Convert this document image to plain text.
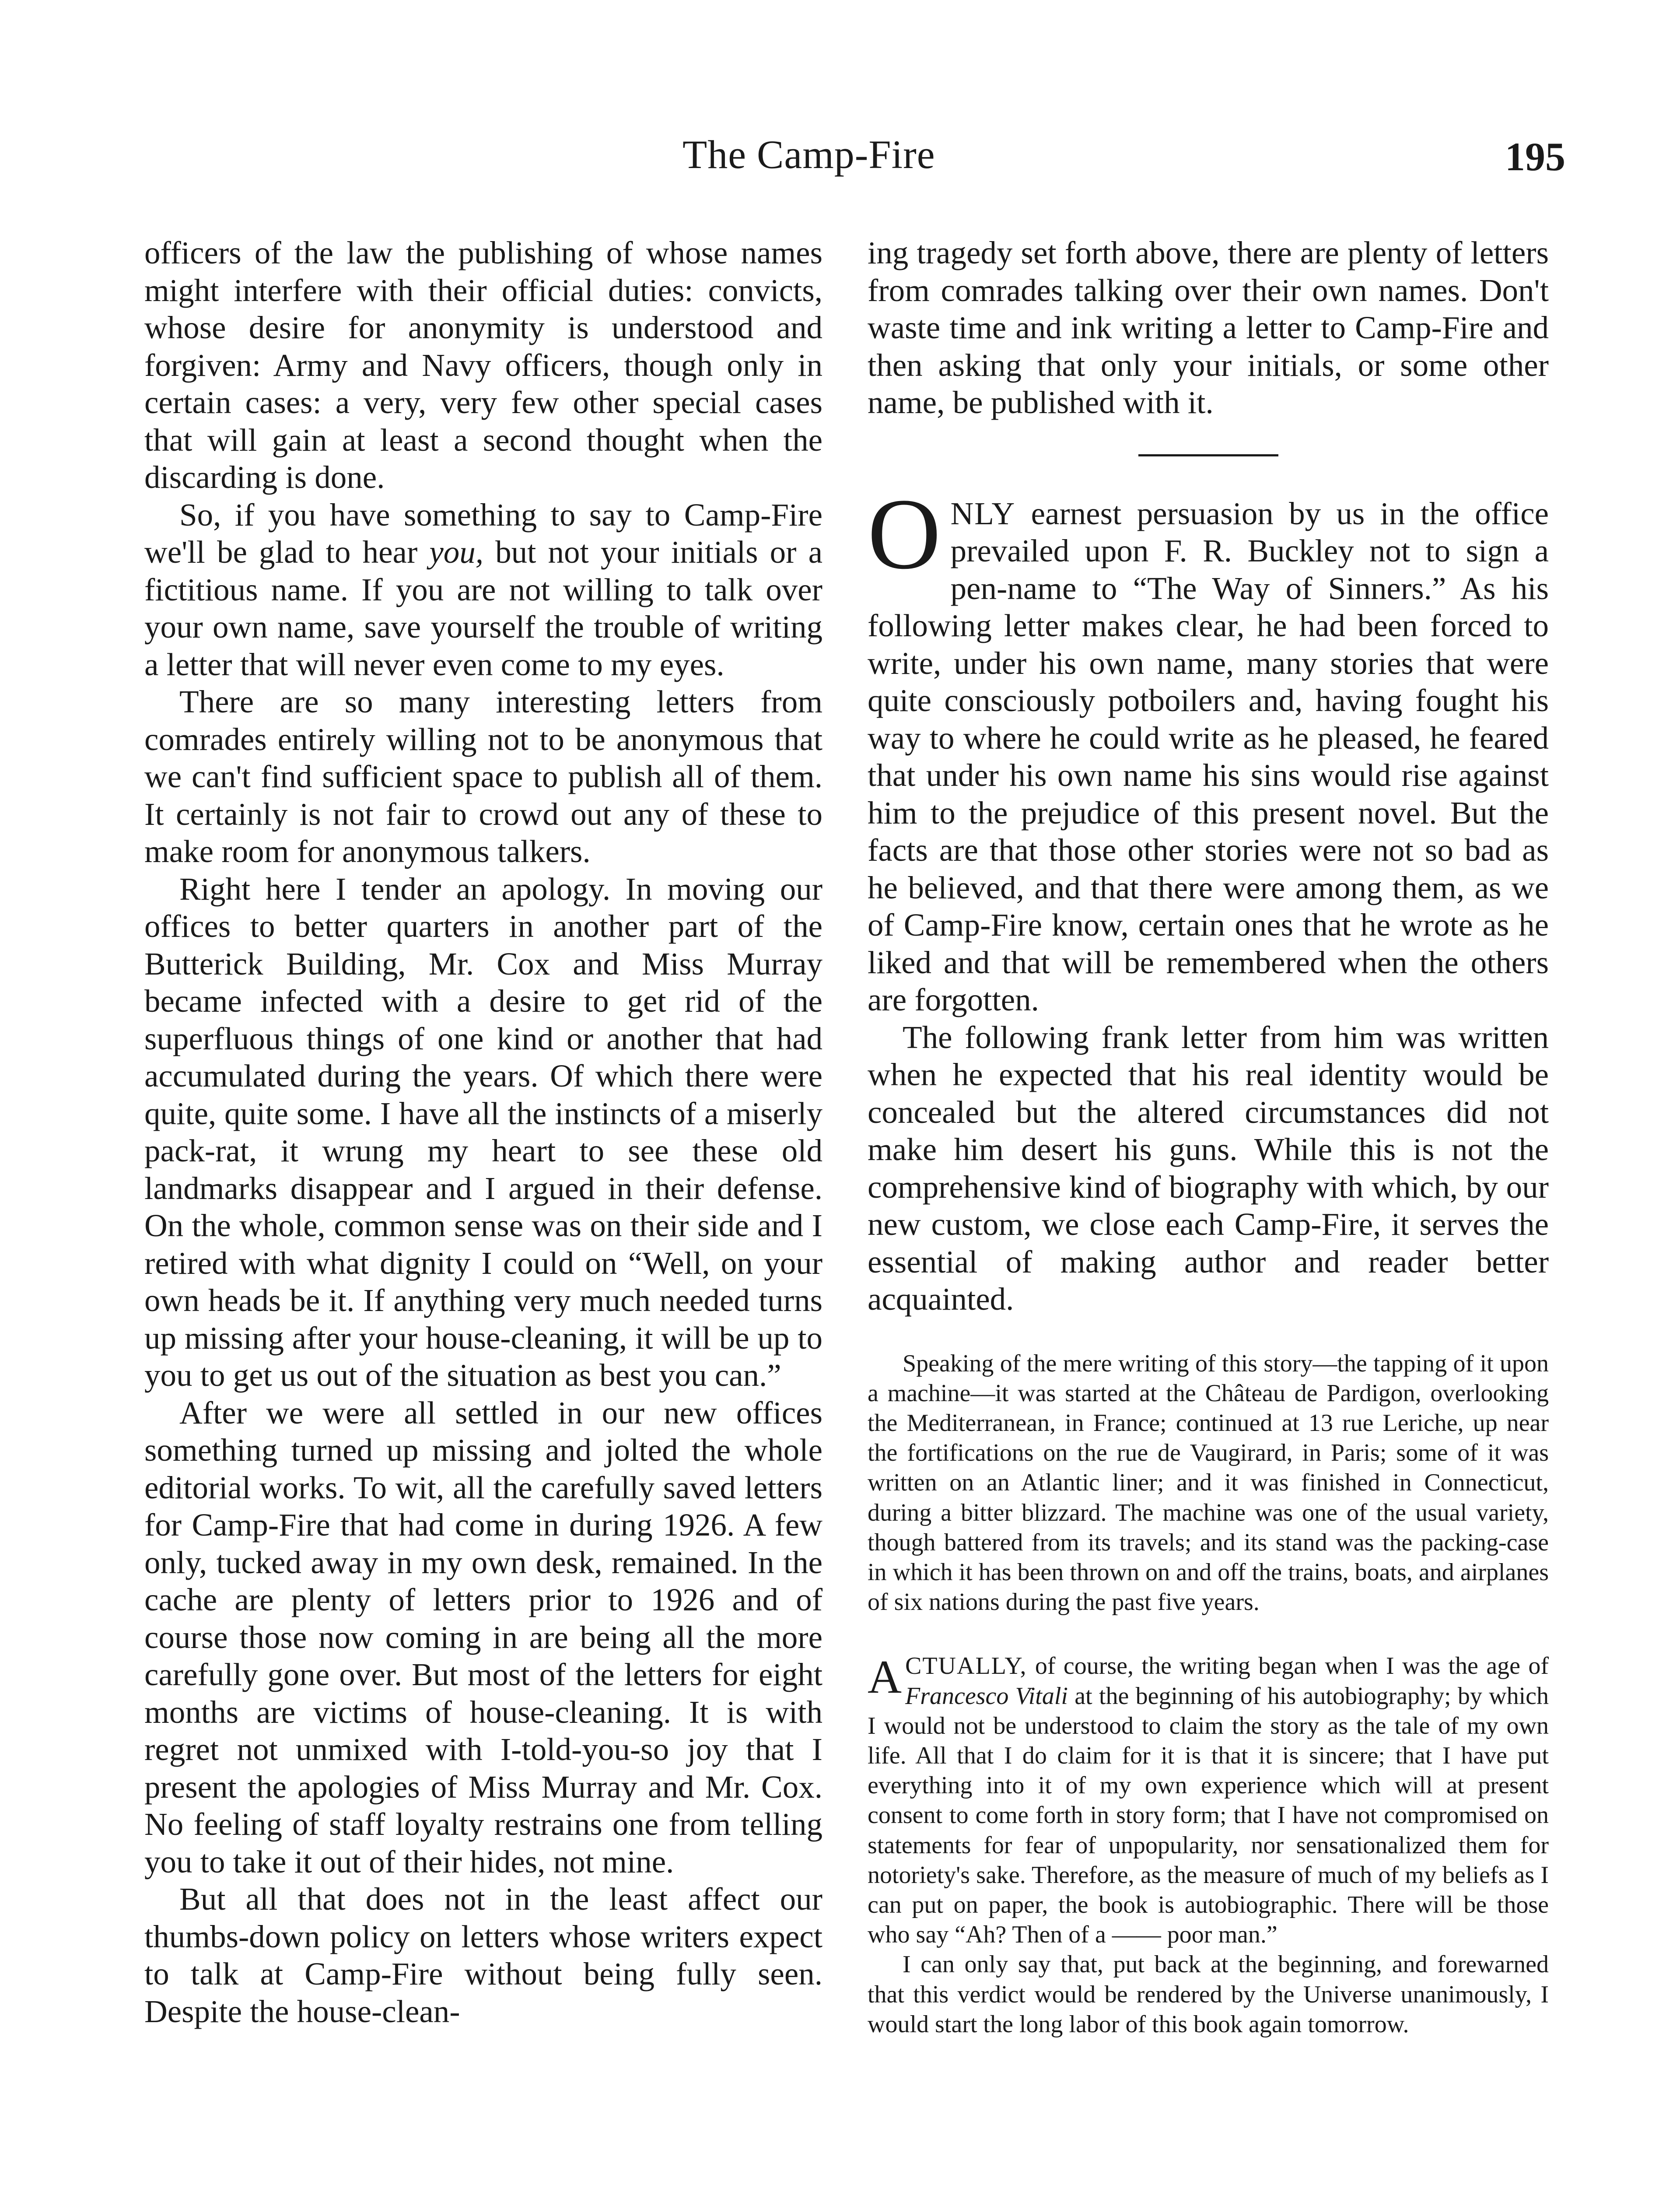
The Camp-Fire	195

officers of the law the publishing of whose names might interfere with their official duties: convicts, whose desire for anonymity is understood and forgiven: Army and Navy officers, though only in certain cases: a very, very few other special cases that will gain at least a second thought when the discarding is done.

So, if you have something to say to Camp-Fire we'll be glad to hear you, but not your initials or a fictitious name. If you are not willing to talk over your own name, save yourself the trouble of writing a letter that will never even come to my eyes.

There are so many interesting letters from comrades entirely willing not to be anonymous that we can't find sufficient space to publish all of them. It certainly is not fair to crowd out any of these to make room for anonymous talkers.

Right here I tender an apology. In moving our offices to better quarters in another part of the Butterick Building, Mr. Cox and Miss Murray became infected with a desire to get rid of the superfluous things of one kind or another that had accumulated during the years. Of which there were quite, quite some. I have all the instincts of a miserly pack-rat, it wrung my heart to see these old landmarks disappear and I argued in their defense. On the whole, common sense was on their side and I retired with what dignity I could on “Well, on your own heads be it. If anything very much needed turns up missing after your house-cleaning, it will be up to you to get us out of the situation as best you can.”

After we were all settled in our new offices something turned up missing and jolted the whole editorial works. To wit, all the carefully saved letters for Camp-Fire that had come in during 1926. A few only, tucked away in my own desk, remained. In the cache are plenty of letters prior to 1926 and of course those now coming in are being all the more carefully gone over. But most of the letters for eight months are victims of house-cleaning. It is with regret not unmixed with I-told-you-so joy that I present the apologies of Miss Murray and Mr. Cox. No feeling of staff loyalty restrains one from telling you to take it out of their hides, not mine.

But all that does not in the least affect our thumbs-down policy on letters whose writers expect to talk at Camp-Fire without being fully seen. Despite the house-clean-

ing tragedy set forth above, there are plenty of letters from comrades talking over their own names. Don't waste time and ink writing a letter to Camp-Fire and then asking that only your initials, or some other name, be published with it.

ONLY earnest persuasion by us in the office prevailed upon F. R. Buckley not to sign a pen-name to “The Way of Sinners.” As his following letter makes clear, he had been forced to write, under his own name, many stories that were quite consciously potboilers and, having fought his way to where he could write as he pleased, he feared that under his own name his sins would rise against him to the prejudice of this present novel. But the facts are that those other stories were not so bad as he believed, and that there were among them, as we of Camp-Fire know, certain ones that he wrote as he liked and that will be remembered when the others are forgotten.

The following frank letter from him was written when he expected that his real identity would be concealed but the altered circumstances did not make him desert his guns. While this is not the comprehensive kind of biography with which, by our new custom, we close each Camp-Fire, it serves the essential of making author and reader better acquainted.

Speaking of the mere writing of this story—the tapping of it upon a machine—it was started at the Château de Pardigon, overlooking the Mediterranean, in France; continued at 13 rue Leriche, up near the fortifications on the rue de Vaugirard, in Paris; some of it was written on an Atlantic liner; and it was finished in Connecticut, during a bitter blizzard. The machine was one of the usual variety, though battered from its travels; and its stand was the packing-case in which it has been thrown on and off the trains, boats, and airplanes of six nations during the past five years.

ACTUALLY, of course, the writing began when I was the age of Francesco Vitali at the beginning of his autobiography; by which I would not be understood to claim the story as the tale of my own life. All that I do claim for it is that it is sincere; that I have put everything into it of my own experience which will at present consent to come forth in story form; that I have not compromised on statements for fear of unpopularity, nor sensationalized them for notoriety's sake. Therefore, as the measure of much of my beliefs as I can put on paper, the book is autobiographic. There will be those who say “Ah? Then of a —— poor man.”

I can only say that, put back at the beginning, and forewarned that this verdict would be rendered by the Universe unanimously, I would start the long labor of this book again tomorrow.
